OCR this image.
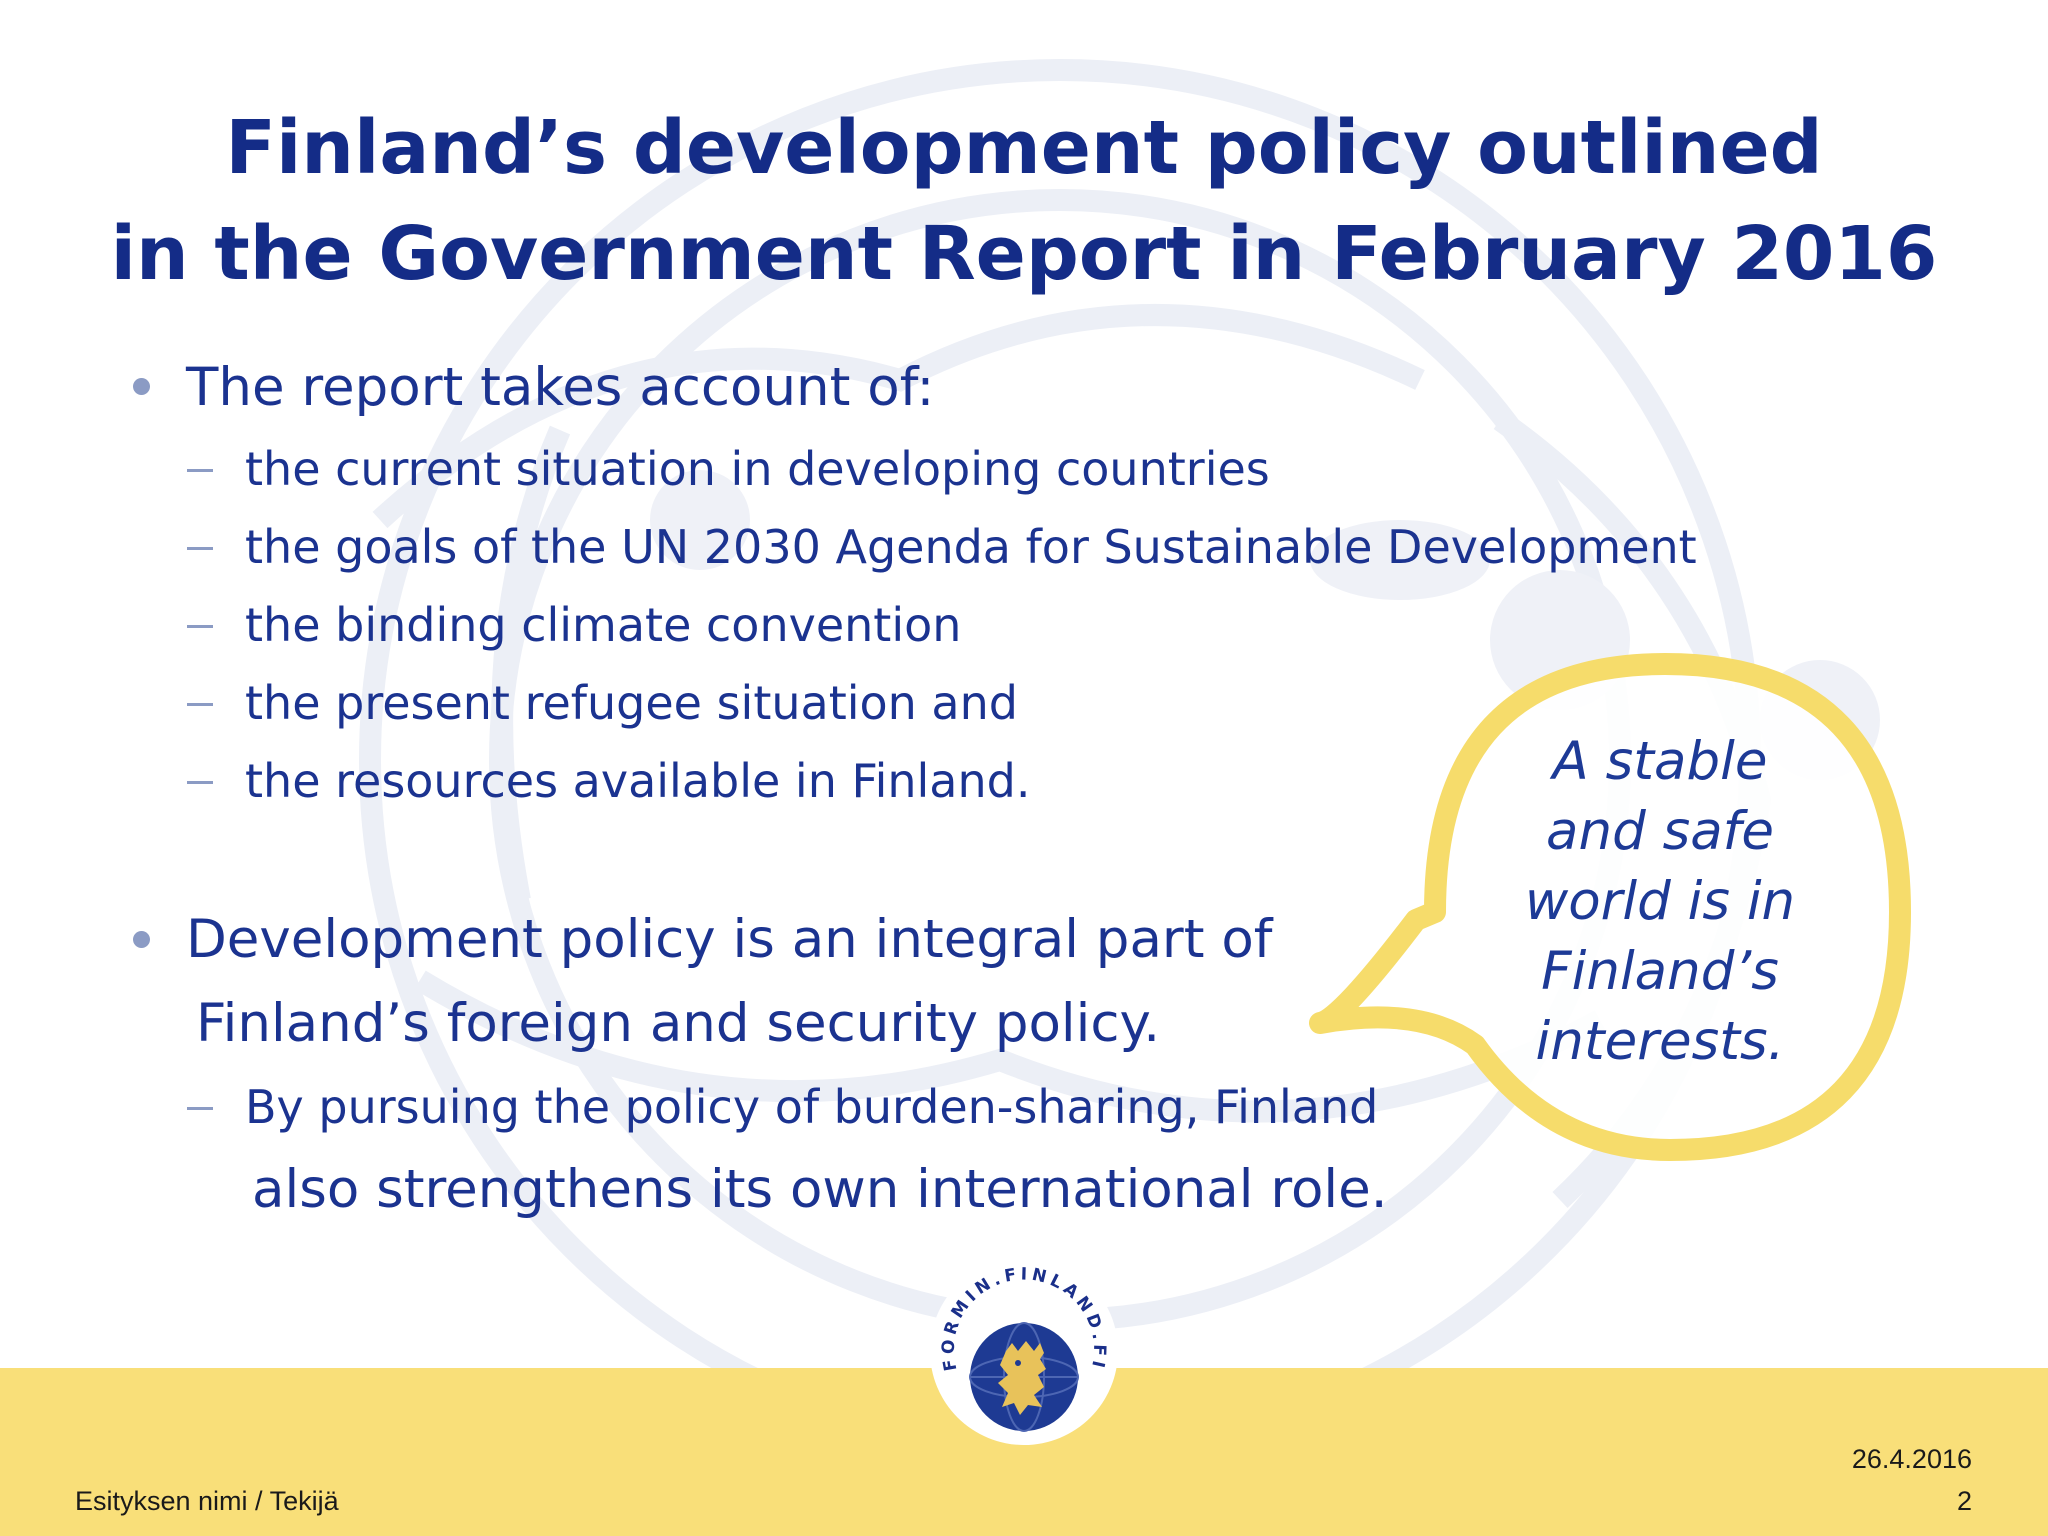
Finland’s development policy outlined
in the Government Report in February 2016
The report takes account of:
the current situation in developing countries
the goals of the UN 2030 Agenda for Sustainable Development
the binding climate convention
the present refugee situation and
the resources available in Finland.
Development policy is an integral part of
Finland’s foreign and security policy.
By pursuing the policy of burden-sharing, Finland
also strengthens its own international role.
A stable
and safe
world is in
Finland’s
interests.
FORMIN.FINLAND.FI
Esityksen nimi / Tekijä
26.4.2016
2
